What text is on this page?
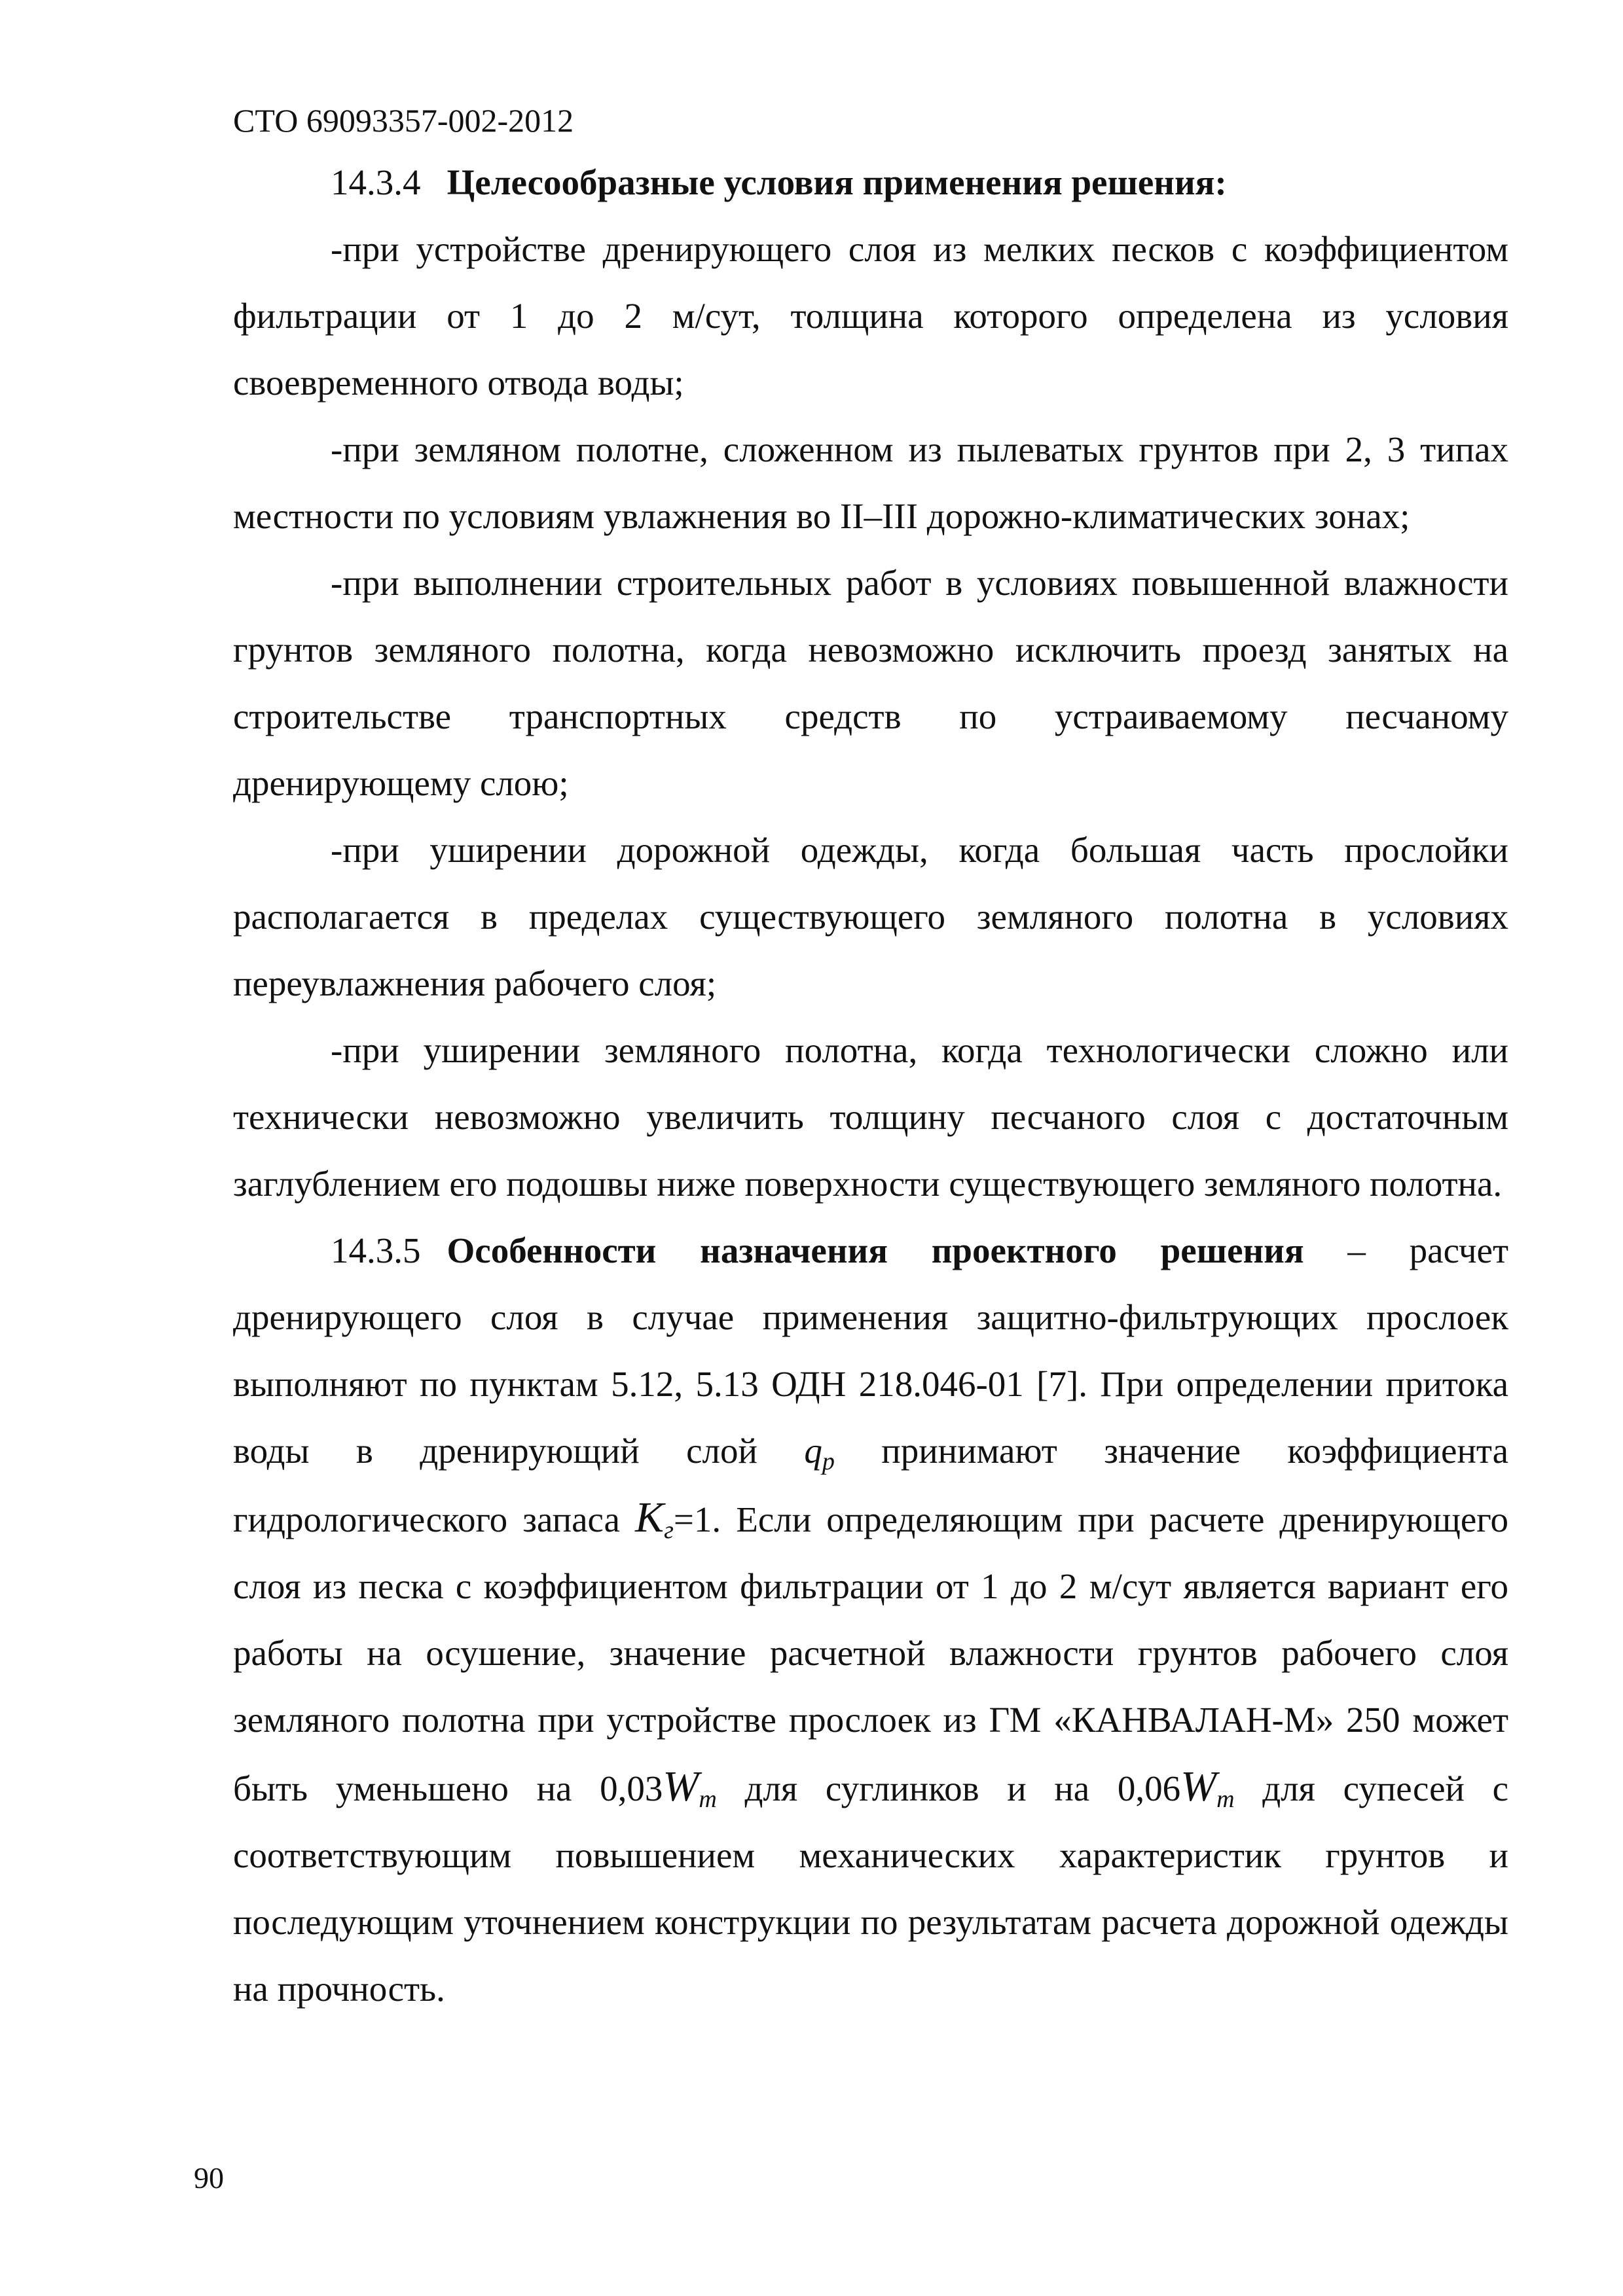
СТО 69093357-002-2012

14.3.4 Целесообразные условия применения решения:

-при устройстве дренирующего слоя из мелких песков с коэффициентом фильтрации от 1 до 2 м/сут, толщина которого определена из условия своевременного отвода воды;

-при земляном полотне, сложенном из пылеватых грунтов при 2, 3 типах местности по условиям увлажнения во II–III дорожно-климатических зонах;

-при выполнении строительных работ в условиях повышенной влажности грунтов земляного полотна, когда невозможно исключить проезд занятых на строительстве транспортных средств по устраиваемому песчаному дренирующему слою;

-при уширении дорожной одежды, когда большая часть прослойки располагается в пределах существующего земляного полотна в условиях переувлажнения рабочего слоя;

-при уширении земляного полотна, когда технологически сложно или технически невозможно увеличить толщину песчаного слоя с достаточным заглублением его подошвы ниже поверхности существующего земляного полотна.

14.3.5 Особенности назначения проектного решения – расчет дренирующего слоя в случае применения защитно-фильтрующих прослоек выполняют по пунктам 5.12, 5.13 ОДН 218.046-01 [7]. При определении притока воды в дренирующий слой $q_p$ принимают значение коэффициента гидрологического запаса $K_г=1$. Если определяющим при расчете дренирующего слоя из песка с коэффициентом фильтрации от 1 до 2 м/сут является вариант его работы на осушение, значение расчетной влажности грунтов рабочего слоя земляного полотна при устройстве прослоек из ГМ «КАНВАЛАН-М» 250 может быть уменьшено на $0,03W_m$ для суглинков и на $0,06W_m$ для супесей с соответствующим повышением механических характеристик грунтов и последующим уточнением конструкции по результатам расчета дорожной одежды на прочность.

90
